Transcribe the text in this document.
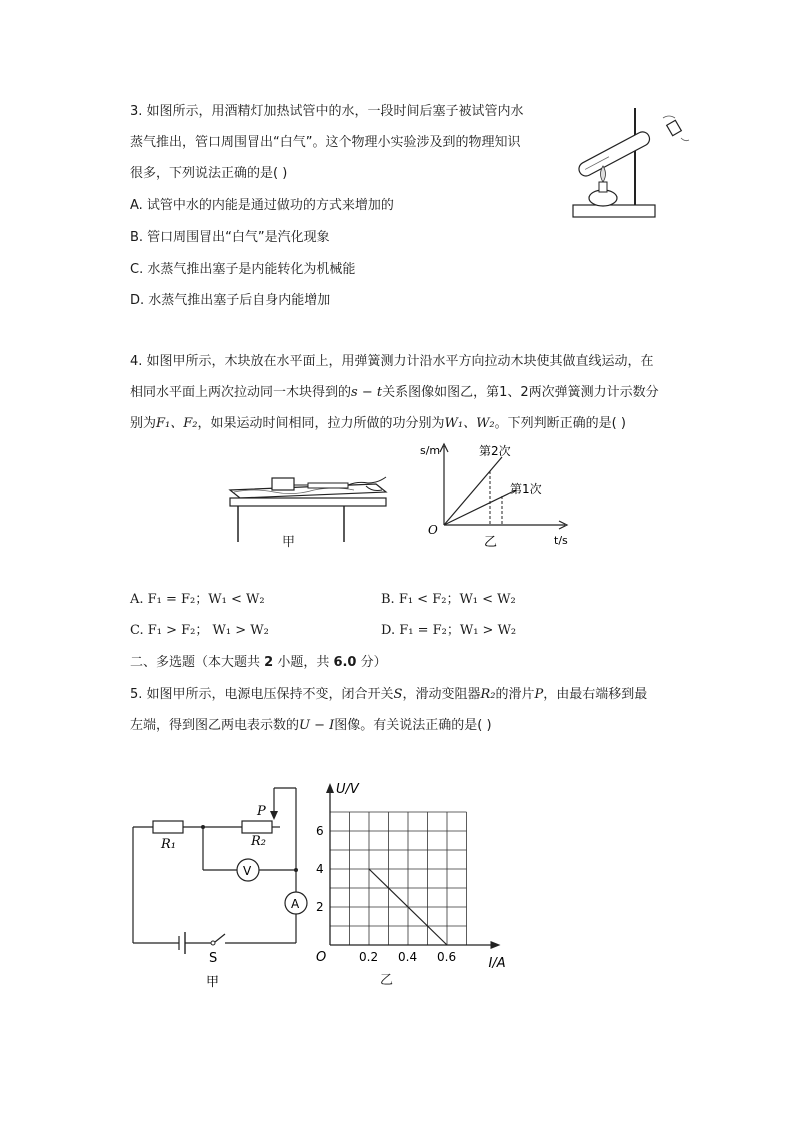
3. 如图所示，用酒精灯加热试管中的水，一段时间后塞子被试管内水
蒸气推出，管口周围冒出“白气”。这个物理小实验涉及到的物理知识
很多，下列说法正确的是( )
A. 试管中水的内能是通过做功的方式来增加的
B. 管口周围冒出“白气”是汽化现象
C. 水蒸气推出塞子是内能转化为机械能
D. 水蒸气推出塞子后自身内能增加
4. 如图甲所示，木块放在水平面上，用弹簧测力计沿水平方向拉动木块使其做直线运动，在
相同水平面上两次拉动同一木块得到的s − t关系图像如图乙，第1、2两次弹簧测力计示数分
别为F₁、F₂，如果运动时间相同，拉力所做的功分别为W₁、W₂。下列判断正确的是( )
甲
s/m
t/s
O
乙
第2次
第1次
A. F₁ = F₂；W₁ < W₂	B. F₁ < F₂；W₁ < W₂
C. F₁ > F₂； W₁ > W₂	D. F₁ = F₂；W₁ > W₂
二、多选题（本大题共 2 小题，共 6.0 分）
5. 如图甲所示，电源电压保持不变，闭合开关S，滑动变阻器R₂的滑片P，由最右端移到最
左端，得到图乙两电表示数的U − I图像。有关说法正确的是( )
R₁	R₂
P
V
A
S
甲
U/V
I/A
O
2
4
6
0.2 0.4 0.6
乙
